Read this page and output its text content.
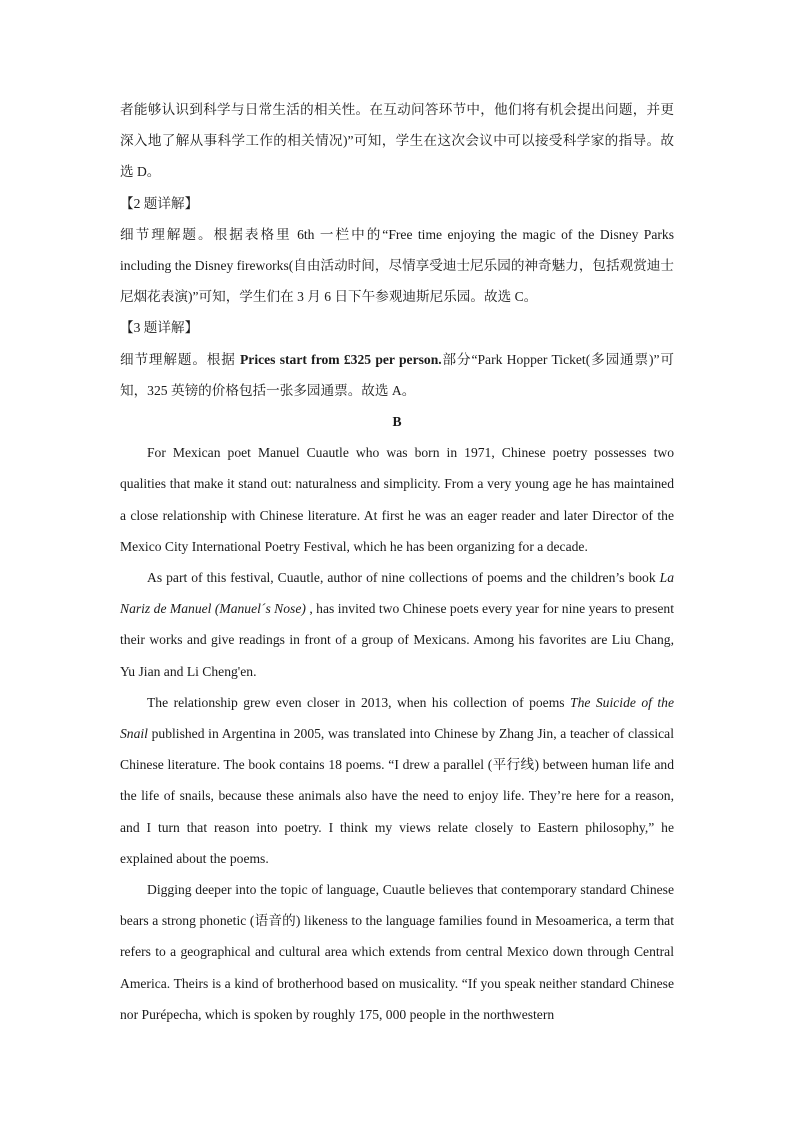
者能够认识到科学与日常生活的相关性。在互动问答环节中，他们将有机会提出问题，并更深入地了解从事科学工作的相关情况)”可知，学生在这次会议中可以接受科学家的指导。故选 D。

【2 题详解】

细节理解题。根据表格里 6th 一栏中的“Free time enjoying the magic of the Disney Parks including the Disney fireworks(自由活动时间，尽情享受迪士尼乐园的神奇魅力，包括观赏迪士尼烟花表演)”可知，学生们在 3 月 6 日下午参观迪斯尼乐园。故选 C。

【3 题详解】

细节理解题。根据 Prices start from £325 per person.部分“Park Hopper Ticket(多园通票)”可知，325 英镑的价格包括一张多园通票。故选 A。

B

For Mexican poet Manuel Cuautle who was born in 1971, Chinese poetry possesses two qualities that make it stand out: naturalness and simplicity. From a very young age he has maintained a close relationship with Chinese literature. At first he was an eager reader and later Director of the Mexico City International Poetry Festival, which he has been organizing for a decade.

As part of this festival, Cuautle, author of nine collections of poems and the children’s book La Nariz de Manuel (Manuel´s Nose) , has invited two Chinese poets every year for nine years to present their works and give readings in front of a group of Mexicans. Among his favorites are Liu Chang, Yu Jian and Li Cheng'en.

The relationship grew even closer in 2013, when his collection of poems The Suicide of the Snail published in Argentina in 2005, was translated into Chinese by Zhang Jin, a teacher of classical Chinese literature. The book contains 18 poems. “I drew a parallel (平行线) between human life and the life of snails, because these animals also have the need to enjoy life. They’re here for a reason, and I turn that reason into poetry. I think my views relate closely to Eastern philosophy,” he explained about the poems.

Digging deeper into the topic of language, Cuautle believes that contemporary standard Chinese bears a strong phonetic (语音的) likeness to the language families found in Mesoamerica, a term that refers to a geographical and cultural area which extends from central Mexico down through Central America. Theirs is a kind of brotherhood based on musicality. “If you speak neither standard Chinese nor Purépecha, which is spoken by roughly 175, 000 people in the northwestern
